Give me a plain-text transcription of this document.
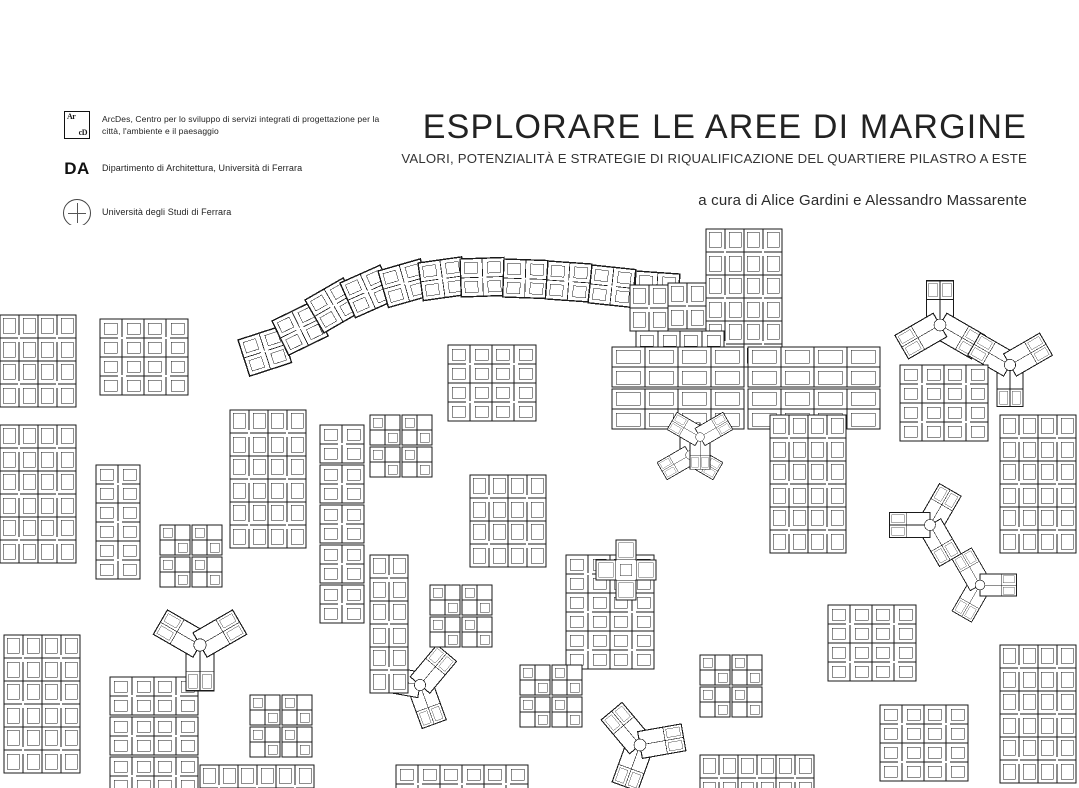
Ar
cD
ArcDes, Centro per lo sviluppo di servizi integrati di progettazione per la città, l'ambiente e il paesaggio
DA Dipartimento di Architettura, Università di Ferrara
Università degli Studi di Ferrara
ESPLORARE LE AREE DI MARGINE
VALORI, POTENZIALITÀ E STRATEGIE DI RIQUALIFICAZIONE DEL QUARTIERE PILASTRO A ESTE
a cura di Alice Gardini e Alessandro Massarente
